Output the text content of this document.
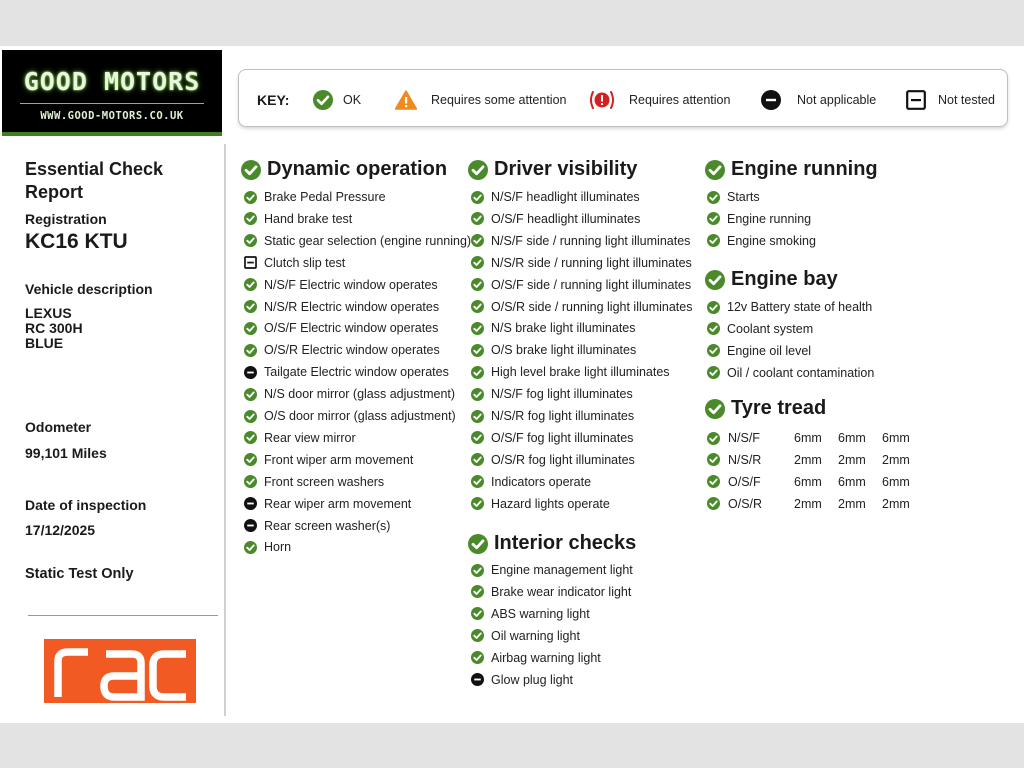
GOOD MOTORS
WWW.GOOD-MOTORS.CO.UK
Essential Check Report
Registration
KC16 KTU
Vehicle description
LEXUS
RC 300H
BLUE
Odometer
99,101 Miles
Date of inspection
17/12/2025
Static Test Only
KEY:	OK	Requires some attention	Requires attention	Not applicable	Not tested
Dynamic operation
Brake Pedal Pressure
Hand brake test
Static gear selection (engine running)
Clutch slip test
N/S/F Electric window operates
N/S/R Electric window operates
O/S/F Electric window operates
O/S/R Electric window operates
Tailgate Electric window operates
N/S door mirror (glass adjustment)
O/S door mirror (glass adjustment)
Rear view mirror
Front wiper arm movement
Front screen washers
Rear wiper arm movement
Rear screen washer(s)
Horn
Driver visibility
N/S/F headlight illuminates
O/S/F headlight illuminates
N/S/F side / running light illuminates
N/S/R side / running light illuminates
O/S/F side / running light illuminates
O/S/R side / running light illuminates
N/S brake light illuminates
O/S brake light illuminates
High level brake light illuminates
N/S/F fog light illuminates
N/S/R fog light illuminates
O/S/F fog light illuminates
O/S/R fog light illuminates
Indicators operate
Hazard lights operate
Interior checks
Engine management light
Brake wear indicator light
ABS warning light
Oil warning light
Airbag warning light
Glow plug light
Engine running
Starts
Engine running
Engine smoking
Engine bay
12v Battery state of health
Coolant system
Engine oil level
Oil / coolant contamination
Tyre tread
N/S/F	6mm	6mm	6mm
N/S/R	2mm	2mm	2mm
O/S/F	6mm	6mm	6mm
O/S/R	2mm	2mm	2mm
